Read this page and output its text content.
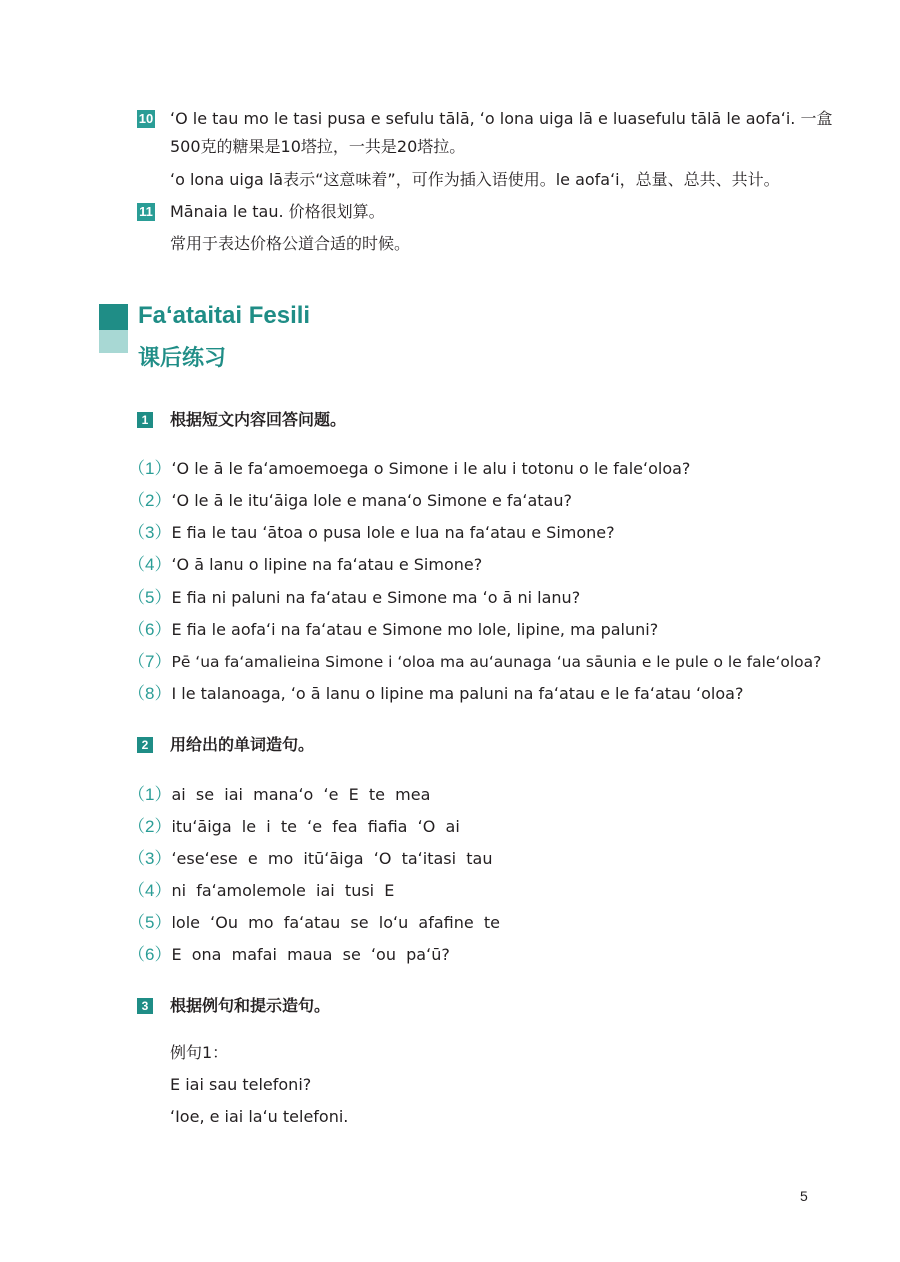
10 ʻO le tau mo le tasi pusa e sefulu tālā, ʻo lona uiga lā e luasefulu tālā le aofaʻi. 一盒
500克的糖果是10塔拉，一共是20塔拉。
ʻo lona uiga lā表示“这意味着”，可作为插入语使用。le aofaʻi，总量、总共、共计。
11 Mānaia le tau. 价格很划算。
常用于表达价格公道合适的时候。
Faʻataitai Fesili
课后练习
1 根据短文内容回答问题。
（1）ʻO le ā le faʻamoemoega o Simone i le alu i totonu o le faleʻoloa?
（2）ʻO le ā le ituʻāiga lole e manaʻo Simone e faʻatau?
（3）E fia le tau ʻātoa o pusa lole e lua na faʻatau e Simone?
（4）ʻO ā lanu o lipine na faʻatau e Simone?
（5）E fia ni paluni na faʻatau e Simone ma ʻo ā ni lanu?
（6）E fia le aofaʻi na faʻatau e Simone mo lole, lipine, ma paluni?
（7）Pē ʻua faʻamalieina Simone i ʻoloa ma auʻaunaga ʻua sāunia e le pule o le faleʻoloa?
（8）I le talanoaga, ʻo ā lanu o lipine ma paluni na faʻatau e le faʻatau ʻoloa?
2 用给出的单词造句。
（1）ai  se  iai  manaʻo  ʻe  E  te  mea
（2）ituʻāiga  le  i  te  ʻe  fea  fiafia  ʻO  ai
（3）ʻeseʻese  e  mo  itūʻāiga  ʻO  taʻitasi  tau
（4）ni  faʻamolemole  iai  tusi  E
（5）lole  ʻOu  mo  faʻatau  se  loʻu  afafine  te
（6）E  ona  mafai  maua  se  ʻou  paʻū?
3 根据例句和提示造句。
例句1：
E iai sau telefoni?
ʻIoe, e iai laʻu telefoni.
5
